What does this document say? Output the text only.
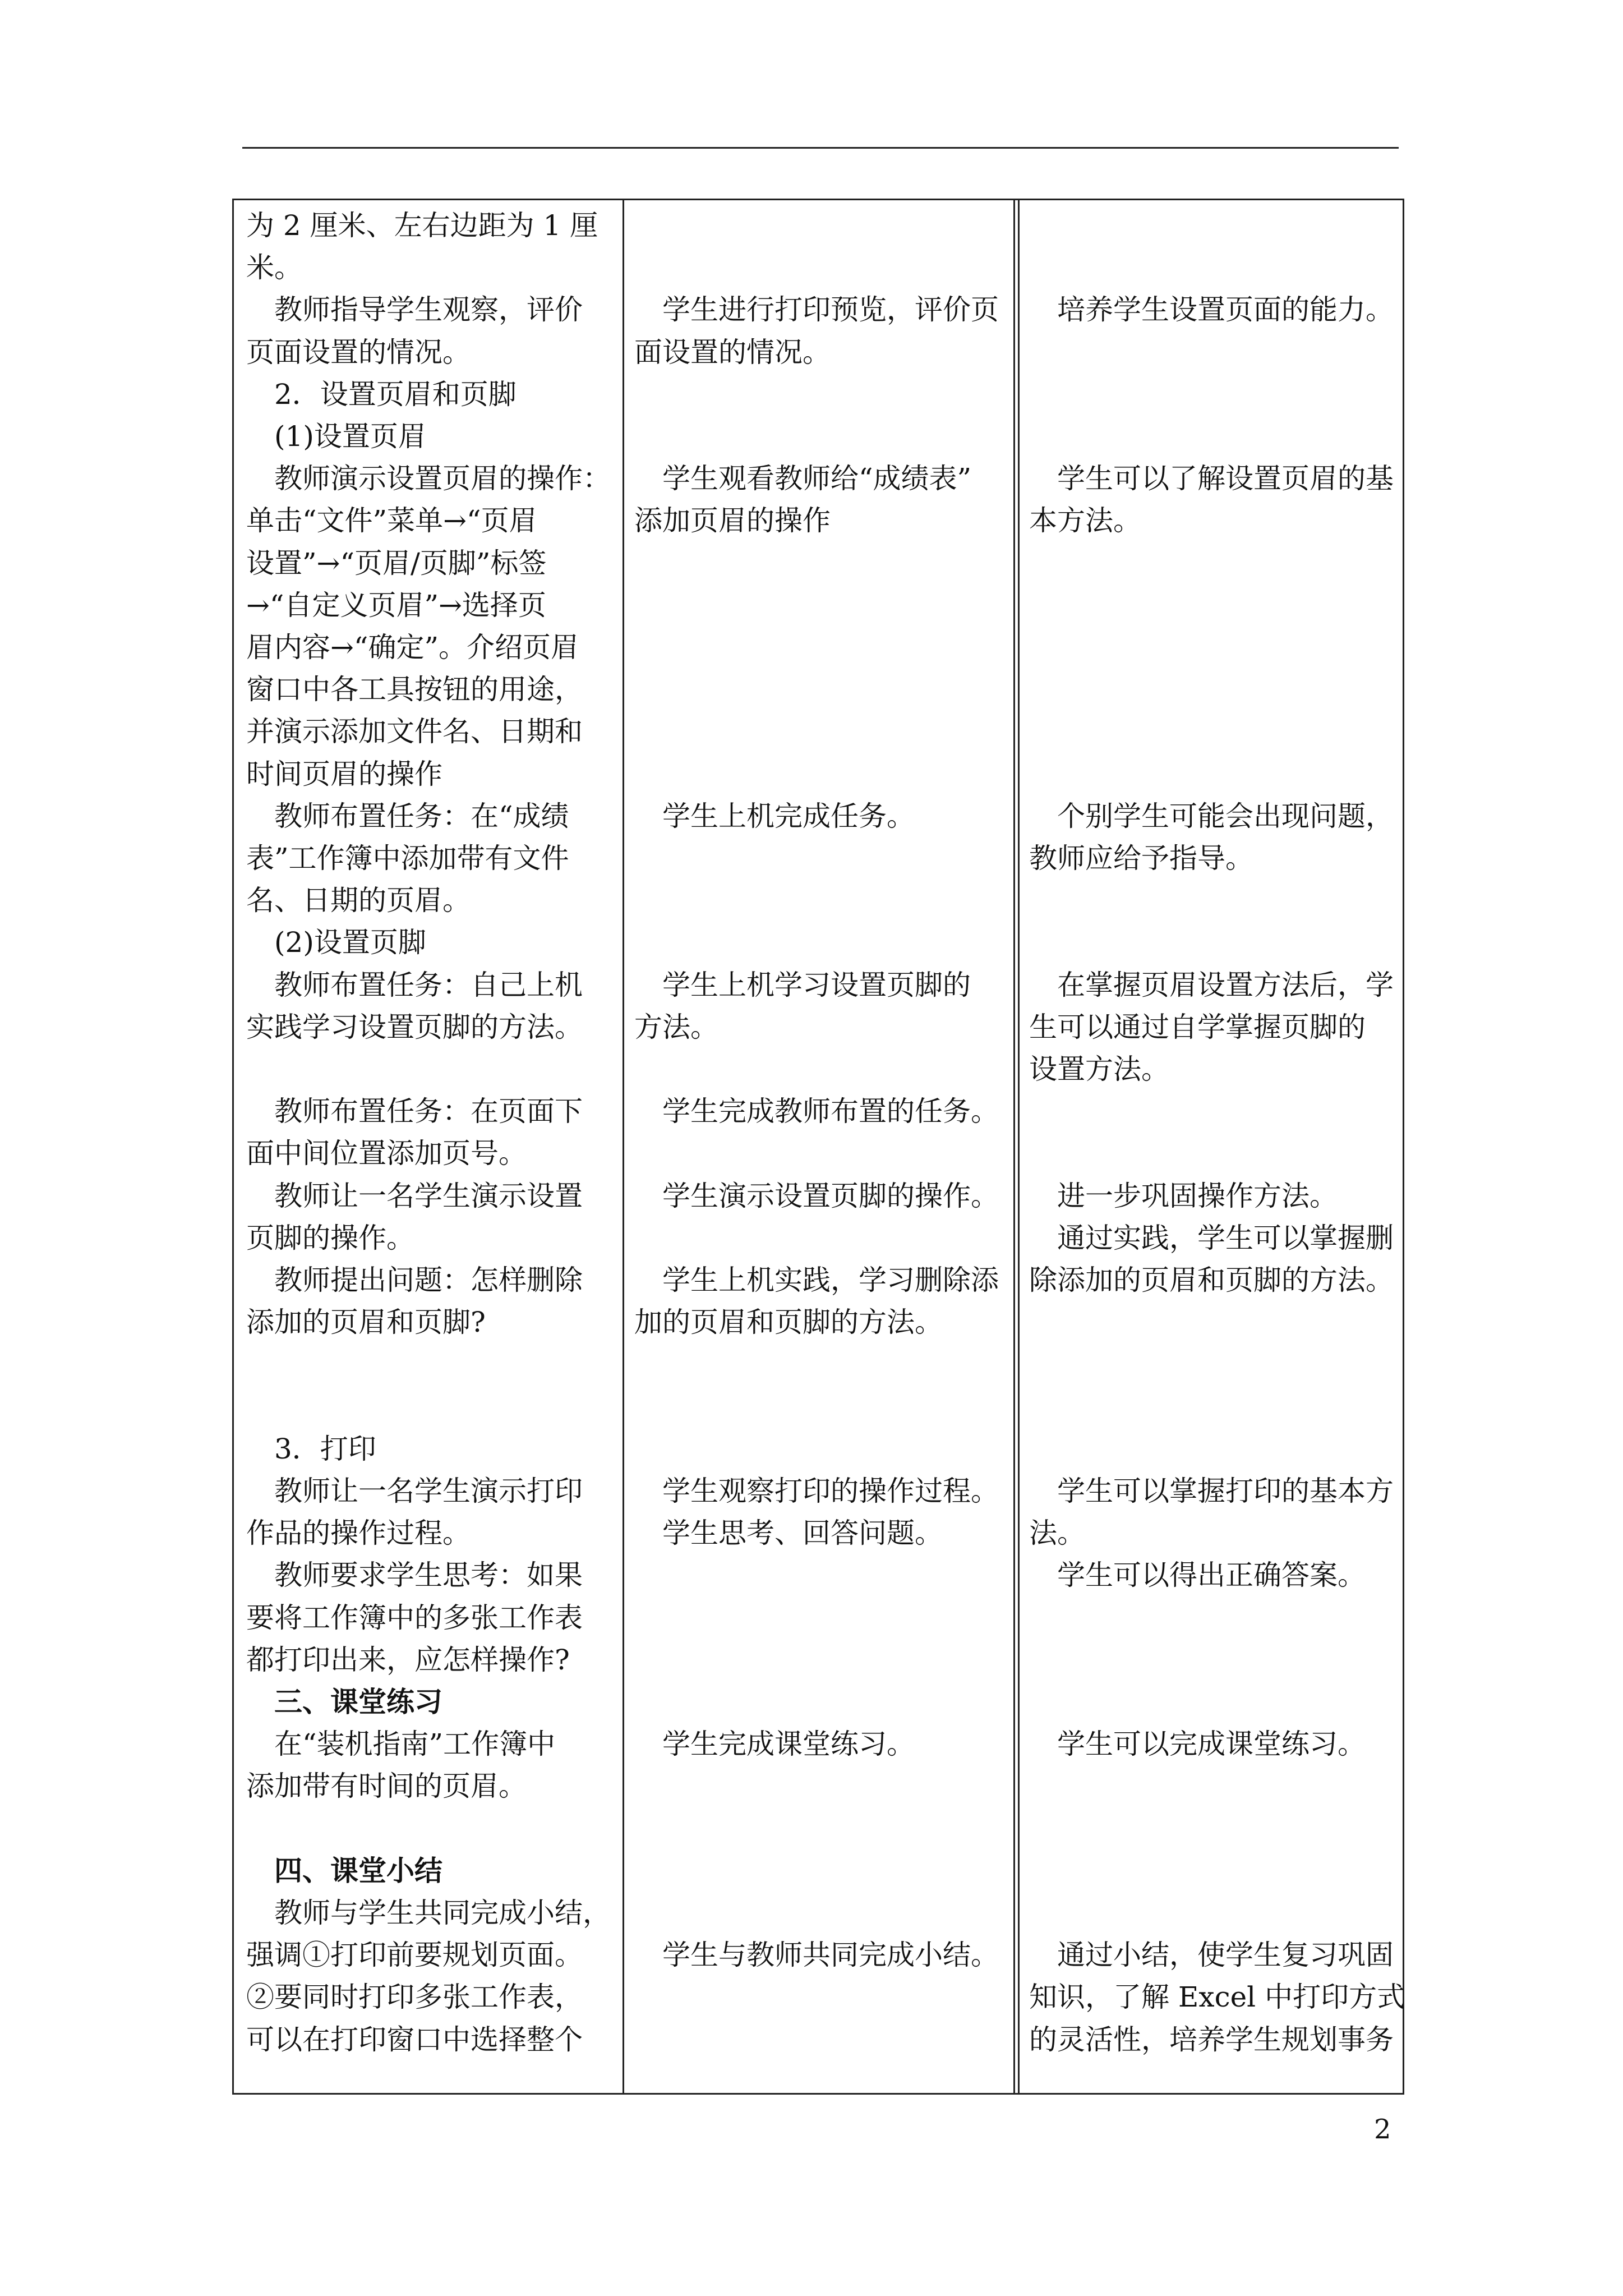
为 2 厘米、左右边距为 1 厘
米。
教师指导学生观察，评价
页面设置的情况。
2．设置页眉和页脚
(1)设置页眉
教师演示设置页眉的操作：
单击“文件”菜单→“页眉
设置”→“页眉/页脚”标签
→“自定义页眉”→选择页
眉内容→“确定”。介绍页眉
窗口中各工具按钮的用途，
并演示添加文件名、日期和
时间页眉的操作
教师布置任务：在“成绩
表”工作簿中添加带有文件
名、日期的页眉。
(2)设置页脚
教师布置任务：自己上机
实践学习设置页脚的方法。
教师布置任务：在页面下
面中间位置添加页号。
教师让一名学生演示设置
页脚的操作。
教师提出问题：怎样删除
添加的页眉和页脚?
3．打印
教师让一名学生演示打印
作品的操作过程。
教师要求学生思考：如果
要将工作簿中的多张工作表
都打印出来，应怎样操作?
三、课堂练习
在“装机指南”工作簿中
添加带有时间的页眉。
四、课堂小结
教师与学生共同完成小结，
强调①打印前要规划页面。
②要同时打印多张工作表，
可以在打印窗口中选择整个
学生进行打印预览，评价页
面设置的情况。
学生观看教师给“成绩表”
添加页眉的操作
学生上机完成任务。
学生上机学习设置页脚的
方法。
学生完成教师布置的任务。
学生演示设置页脚的操作。
学生上机实践，学习删除添
加的页眉和页脚的方法。
学生观察打印的操作过程。
学生思考、回答问题。
学生完成课堂练习。
学生与教师共同完成小结。
培养学生设置页面的能力。
学生可以了解设置页眉的基
本方法。
个别学生可能会出现问题，
教师应给予指导。
在掌握页眉设置方法后，学
生可以通过自学掌握页脚的
设置方法。
进一步巩固操作方法。
通过实践，学生可以掌握删
除添加的页眉和页脚的方法。
学生可以掌握打印的基本方
法。
学生可以得出正确答案。
学生可以完成课堂练习。
通过小结，使学生复习巩固
知识，了解 Excel 中打印方式
的灵活性，培养学生规划事务
2
